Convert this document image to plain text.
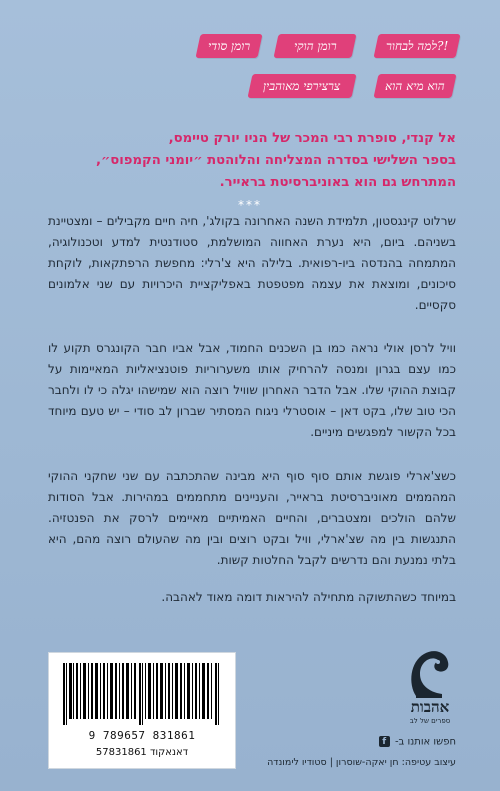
למה לבחור?!
רומן הוקי
רומן סודי
הוא מיא הוא
צרצירפי מאוהבין
אל קנדי, סופרת רבי המכר של הניו יורק טיימס,
בספר השלישי בסדרה המצליחה והלוהטת ״יומני הקמפוס״,
המתרחש גם הוא באוניברסיטת בראייר.
***
שרלוט קינגסטון, תלמידת השנה האחרונה בקולג', חיה חיים מקבילים – ומצטיינת בשניהם. ביום, היא נערת האחווה המושלמת, סטודנטית למדע וטכנולוגיה, המתמחה בהנדסה ביו-רפואית. בלילה היא צ'רלי: מחפשת הרפתקאות, לוקחת סיכונים, ומוצאת את עצמה מפטפטת באפליקציית היכרויות עם שני אלמונים סקסיים.
וויל לרסן אולי נראה כמו בן השכנים החמוד, אבל אביו חבר הקונגרס תקוע לו כמו עצם בגרון ומנסה להרחיק אותו משערוריות פוטנציאליות המאיימות על קבוצת ההוקי שלו. אבל הדבר האחרון שוויל רוצה הוא שמישהו יגלה כי לו ולחבר הכי טוב שלו, בקט דאן – אוסטרלי ניגוח המסתיר שברון לב סודי – יש טעם מיוחד בכל הקשור למפגשים מיניים.
כשצ'ארלי פוגשת אותם סוף סוף היא מבינה שהתכתבה עם שני שחקני ההוקי המהממים מאוניברסיטת בראייר, והעניינים מתחממים במהירות. אבל הסודות שלהם הולכים ומצטברים, והחיים האמיתיים מאיימים לרסק את הפנטזיה. התנגשות בין מה שצ'ארלי, וויל ובקט רוצים ובין מה שהעולם רוצה מהם, היא בלתי נמנעת והם נדרשים לקבל החלטות קשות.
במיוחד כשהתשוקה מתחילה להיראות דומה מאוד לאהבה.
9 789657 831861
דאנאקוד 57831861
אהבות
ספרים של לב
חפשו אותנו ב- f
עיצוב עטיפה: חן יאקה-שוסרון | סטודיו לימונדה
